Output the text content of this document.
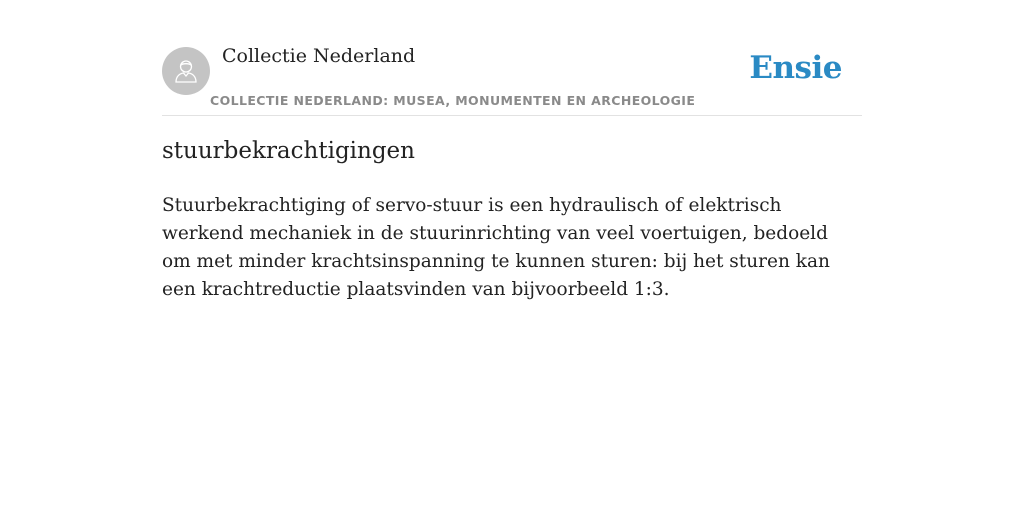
Collectie Nederland
COLLECTIE NEDERLAND: MUSEA, MONUMENTEN EN ARCHEOLOGIE
Ensie
stuurbekrachtigingen

Stuurbekrachtiging of servo-stuur is een hydraulisch of elektrisch werkend mechaniek in de stuurinrichting van veel voertuigen, bedoeld om met minder krachtsinspanning te kunnen sturen: bij het sturen kan een krachtreductie plaatsvinden van bijvoorbeeld 1:3.
